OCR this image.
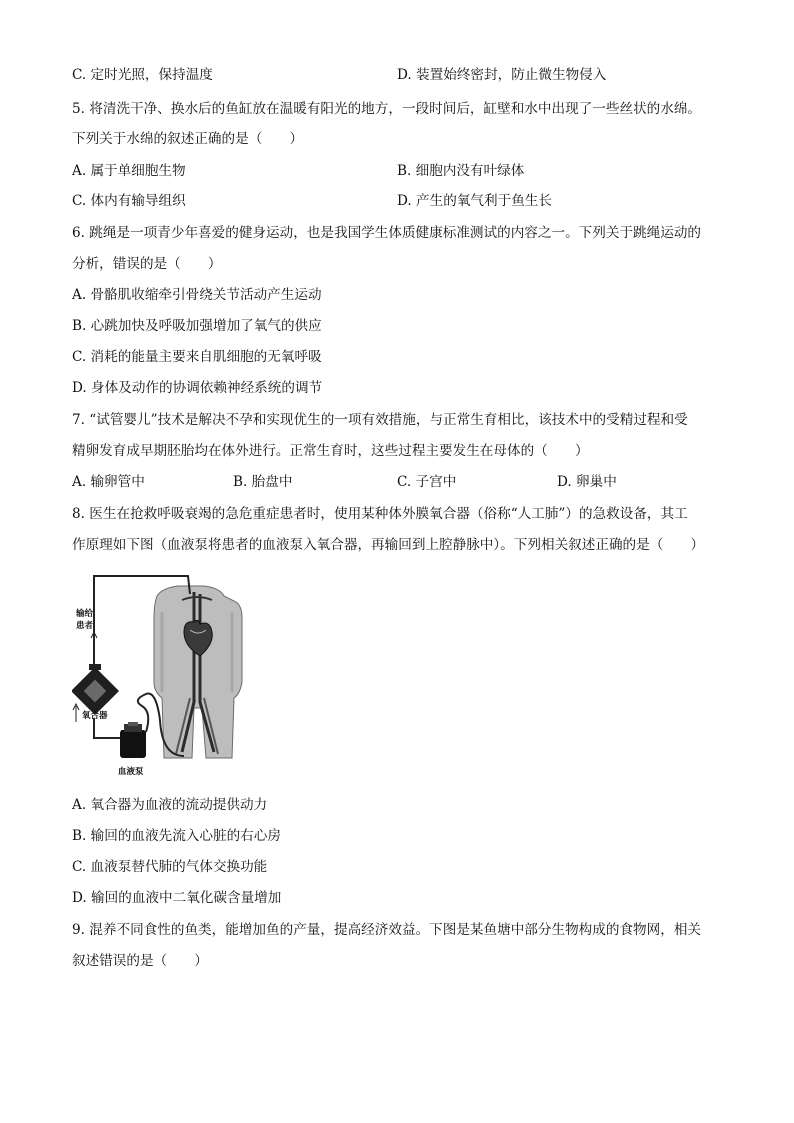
C. 定时光照，保持温度	D. 装置始终密封，防止微生物侵入
5. 将清洗干净、换水后的鱼缸放在温暖有阳光的地方，一段时间后，缸壁和水中出现了一些丝状的水绵。
下列关于水绵的叙述正确的是（　　）
A. 属于单细胞生物	B. 细胞内没有叶绿体
C. 体内有输导组织	D. 产生的氧气利于鱼生长
6. 跳绳是一项青少年喜爱的健身运动，也是我国学生体质健康标准测试的内容之一。下列关于跳绳运动的
分析，错误的是（　　）
A. 骨骼肌收缩牵引骨绕关节活动产生运动
B. 心跳加快及呼吸加强增加了氧气的供应
C. 消耗的能量主要来自肌细胞的无氧呼吸
D. 身体及动作的协调依赖神经系统的调节
7. “试管婴儿”技术是解决不孕和实现优生的一项有效措施，与正常生育相比，该技术中的受精过程和受
精卵发育成早期胚胎均在体外进行。正常生育时，这些过程主要发生在母体的（　　）
A. 输卵管中	B. 胎盘中	C. 子宫中	D. 卵巢中
8. 医生在抢救呼吸衰竭的急危重症患者时，使用某种体外膜氧合器（俗称“人工肺”）的急救设备，其工
作原理如下图（血液泵将患者的血液泵入氧合器，再输回到上腔静脉中）。下列相关叙述正确的是（　　）
氧合器
血液泵
输给
患者
A. 氧合器为血液的流动提供动力
B. 输回的血液先流入心脏的右心房
C. 血液泵替代肺的气体交换功能
D. 输回的血液中二氧化碳含量增加
9. 混养不同食性的鱼类，能增加鱼的产量，提高经济效益。下图是某鱼塘中部分生物构成的食物网，相关
叙述错误的是（　　）
